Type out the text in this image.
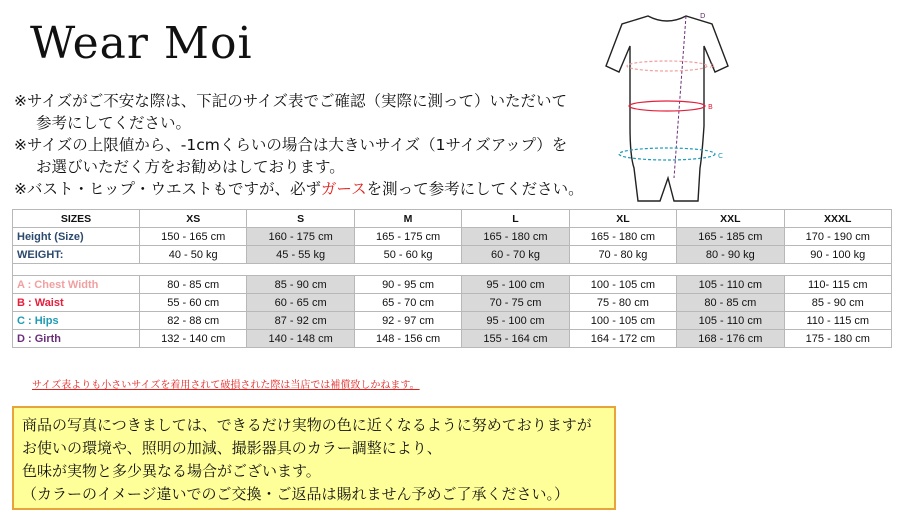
Wear Moi

※サイズがご不安な際は、下記のサイズ表でご確認（実際に測って）いただいて

参考にしてください。

※サイズの上限値から、-1cmくらいの場合は大きいサイズ（1サイズアップ）を

お選びいただく方をお勧めはしております。

※バスト・ヒップ・ウエストもですが、必ずガースを測って参考にしてください。

D
A
B
C
SIZES	XS	S	M	L	XL	XXL	XXXL
Height (Size)	150 - 165 cm	160 - 175 cm	165 - 175 cm	165 - 180 cm	165 - 180 cm	165 - 185 cm	170 - 190 cm
WEIGHT:	40 - 50 kg	45 - 55 kg	50 - 60 kg	60 - 70 kg	70 - 80 kg	80 - 90 kg	90 - 100 kg

A : Chest Width	80 - 85 cm	85 - 90 cm	90 - 95 cm	95 - 100 cm	100 - 105 cm	105 - 110 cm	110- 115 cm
B : Waist	55 - 60 cm	60 - 65 cm	65 - 70 cm	70 - 75 cm	75 - 80 cm	80 - 85 cm	85 - 90 cm
C : Hips	82 - 88 cm	87 - 92 cm	92 - 97 cm	95 - 100 cm	100 - 105 cm	105 - 110 cm	110 - 115 cm
D : Girth	132 - 140 cm	140 - 148 cm	148 - 156 cm	155 - 164 cm	164 - 172 cm	168 - 176 cm	175 - 180 cm
サイズ表よりも小さいサイズを着用されて破損された際は当店では補償致しかねます。

商品の写真につきましては、できるだけ実物の色に近くなるように努めておりますが

お使いの環境や、照明の加減、撮影器具のカラー調整により、

色味が実物と多少異なる場合がございます。

（カラーのイメージ違いでのご交換・ご返品は賜れません予めご了承ください。）
